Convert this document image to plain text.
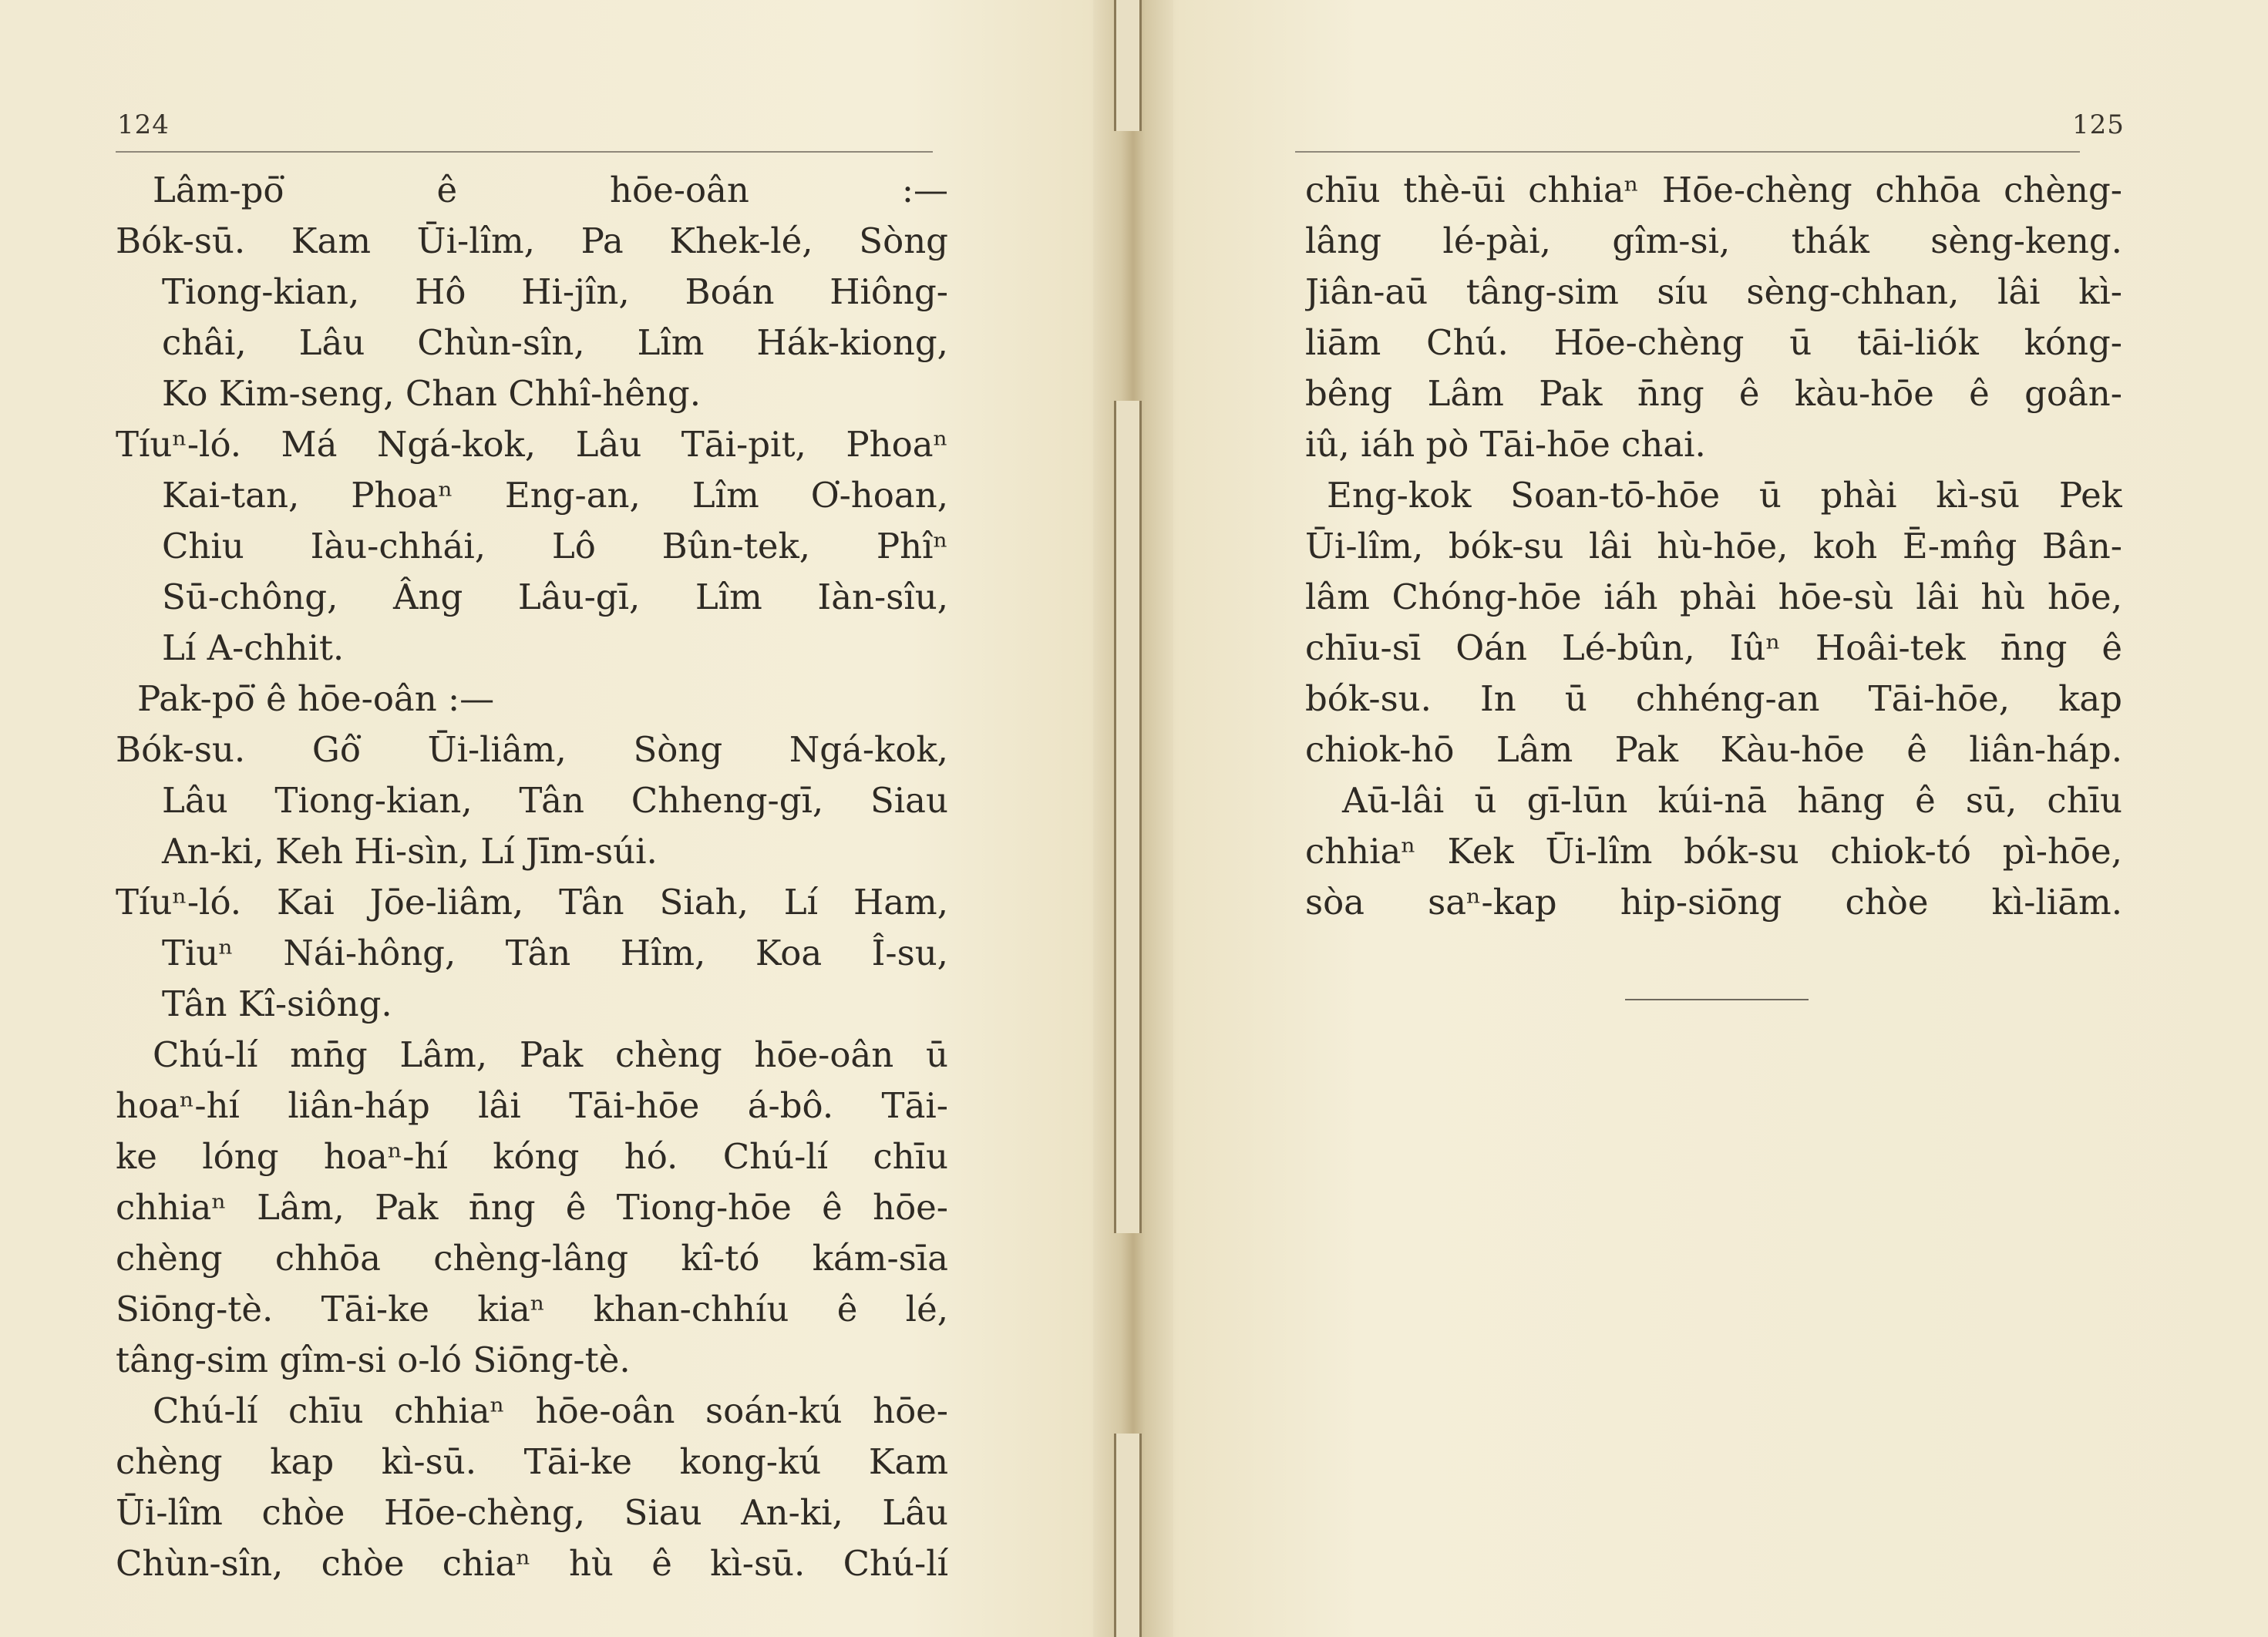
124
Lâm-pō͘ ê hōe-oân :—
Bók-sū. Kam Ūi-lîm, Pa Khek-lé, Sòng
Tiong-kian, Hô Hi-jîn, Boán Hiông-
châi, Lâu Chùn-sîn, Lîm Hák-kiong,
Ko Kim-seng, Chan Chhî-hêng.
Tíuⁿ-ló. Má Ngá-kok, Lâu Tāi-pit, Phoaⁿ
Kai-tan, Phoaⁿ Eng-an, Lîm O͘-hoan,
Chiu Iàu-chhái, Lô Bûn-tek, Phîⁿ
Sū-chông, Âng Lâu-gī, Lîm Iàn-sîu,
Lí A-chhit.
Pak-pō͘ ê hōe-oân :—
Bók-su. Gô͘ Ūi-liâm, Sòng Ngá-kok,
Lâu Tiong-kian, Tân Chheng-gī, Siau
An-ki, Keh Hi-sìn, Lí Jīm-súi.
Tíuⁿ-ló. Kai Jōe-liâm, Tân Siah, Lí Ham,
Tiuⁿ Nái-hông, Tân Hîm, Koa Î-su,
Tân Kî-siông.
Chú-lí mn̄g Lâm, Pak chèng hōe-oân ū
hoaⁿ-hí liân-háp lâi Tāi-hōe á-bô. Tāi-
ke lóng hoaⁿ-hí kóng hó. Chú-lí chīu
chhiaⁿ Lâm, Pak n̄ng ê Tiong-hōe ê hōe-
chèng chhōa chèng-lâng kî-tó kám-sīa
Siōng-tè. Tāi-ke kiaⁿ khan-chhíu ê lé,
tâng-sim gîm-si o-ló Siōng-tè.
Chú-lí chīu chhiaⁿ hōe-oân soán-kú hōe-
chèng kap kì-sū. Tāi-ke kong-kú Kam
Ūi-lîm chòe Hōe-chèng, Siau An-ki, Lâu
Chùn-sîn, chòe chiaⁿ hù ê kì-sū. Chú-lí
125
chīu thè-ūi chhiaⁿ Hōe-chèng chhōa chèng-
lâng lé-pài, gîm-si, thák sèng-keng.
Jiân-aū tâng-sim síu sèng-chhan, lâi kì-
liām Chú. Hōe-chèng ū tāi-liók kóng-
bêng Lâm Pak n̄ng ê kàu-hōe ê goân-
iû, iáh pò Tāi-hōe chai.
Eng-kok Soan-tō-hōe ū phài kì-sū Pek
Ūi-lîm, bók-su lâi hù-hōe, koh Ē-mn̂g Bân-
lâm Chóng-hōe iáh phài hōe-sù lâi hù hōe,
chīu-sī Oán Lé-bûn, Iûⁿ Hoâi-tek n̄ng ê
bók-su. In ū chhéng-an Tāi-hōe, kap
chiok-hō Lâm Pak Kàu-hōe ê liân-háp.
Aū-lâi ū gī-lūn kúi-nā hāng ê sū, chīu
chhiaⁿ Kek Ūi-lîm bók-su chiok-tó pì-hōe,
sòa saⁿ-kap hip-siōng chòe kì-liām.
